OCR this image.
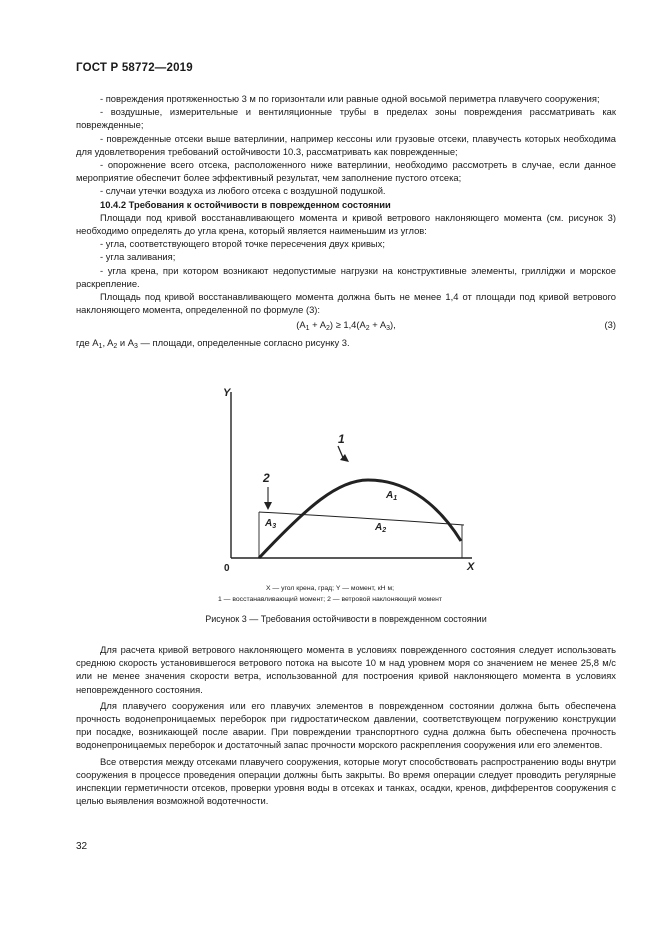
ГОСТ Р 58772—2019

- повреждения протяженностью 3 м по горизонтали или равные одной восьмой периметра плавучего сооружения;

- воздушные, измерительные и вентиляционные трубы в пределах зоны повреждения рассматривать как поврежденные;

- поврежденные отсеки выше ватерлинии, например кессоны или грузовые отсеки, плавучесть которых необходима для удовлетворения требований остойчивости 10.3, рассматривать как поврежденные;

- опорожнение всего отсека, расположенного ниже ватерлинии, необходимо рассмотреть в случае, если данное мероприятие обеспечит более эффективный результат, чем заполнение пустого отсека;

- случаи утечки воздуха из любого отсека с воздушной подушкой.

10.4.2 Требования к остойчивости в поврежденном состоянии

Площади под кривой восстанавливающего момента и кривой ветрового наклоняющего момента (см. рисунок 3) необходимо определять до угла крена, который является наименьшим из углов:

- угла, соответствующего второй точке пересечения двух кривых;

- угла заливания;

- угла крена, при котором возникают недопустимые нагрузки на конструктивные элементы, грилліджи и морское раскрепление.

Площадь под кривой восстанавливающего момента должна быть не менее 1,4 от площади под кривой ветрового наклоняющего момента, определенной по формуле (3):

$(A_1 + A_2) \ge 1,4(A_2 + A_3)$,	(3)

где $A_1$, $A_2$ и $A_3$ — площади, определенные согласно рисунку 3.

Y
X
0
1
2
$A_1$
$A_2$
$A_3$
X — угол крена, град; Y — момент, кН м;
1 — восстанавливающий момент; 2 — ветровой наклоняющий момент
Рисунок 3 — Требования остойчивости в поврежденном состоянии

Для расчета кривой ветрового наклоняющего момента в условиях поврежденного состояния следует использовать среднюю скорость установившегося ветрового потока на высоте 10 м над уровнем моря со значением не менее 25,8 м/с или не менее значения скорости ветра, использованной для построения кривой наклоняющего момента в условиях неповрежденного состояния.

Для плавучего сооружения или его плавучих элементов в поврежденном состоянии должна быть обеспечена прочность водонепроницаемых переборок при гидростатическом давлении, соответствующем погружению конструкции при посадке, возникающей после аварии. При повреждении транспортного судна должна быть обеспечена прочность водонепроницаемых переборок и достаточный запас прочности морского раскрепления сооружения или его элементов.

Все отверстия между отсеками плавучего сооружения, которые могут способствовать распространению воды внутри сооружения в процессе проведения операции должны быть закрыты. Во время операции следует проводить регулярные инспекции герметичности отсеков, проверки уровня воды в отсеках и танках, осадки, кренов, дифферентов сооружения с целью выявления возможной водотечности.

32
